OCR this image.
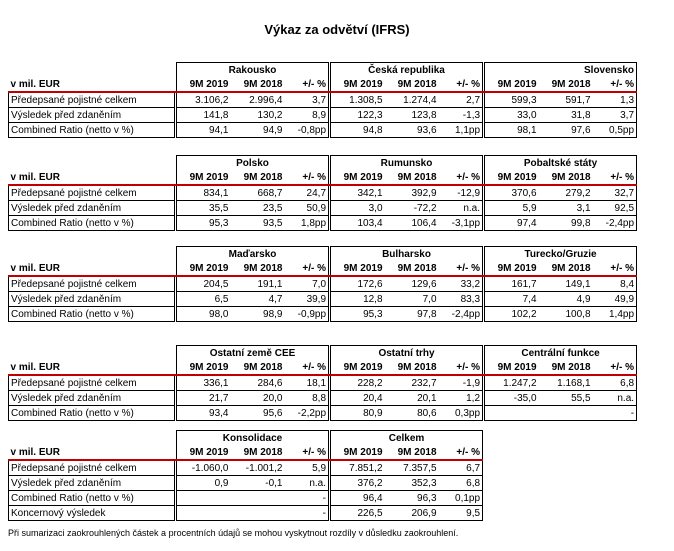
Výkaz za odvětví (IFRS)
		Rakousko				Česká republika				Slovensko		
v mil. EUR		9M 2019	9M 2018	+/- %		9M 2019	9M 2018	+/- %		9M 2019	9M 2018	+/- %
Předepsané pojistné celkem		3.106,2	2.996,4	3,7		1.308,5	1.274,4	2,7		599,3	591,7	1,3
Výsledek před zdaněním		141,8	130,2	8,9		122,3	123,8	-1,3		33,0	31,8	3,7
Combined Ratio (netto v %)		94,1	94,9	-0,8pp		94,8	93,6	1,1pp		98,1	97,6	0,5pp
		Polsko				Rumunsko				Pobaltské státy		
v mil. EUR		9M 2019	9M 2018	+/- %		9M 2019	9M 2018	+/- %		9M 2019	9M 2018	+/- %
Předepsané pojistné celkem		834,1	668,7	24,7		342,1	392,9	-12,9		370,6	279,2	32,7
Výsledek před zdaněním		35,5	23,5	50,9		3,0	-72,2	n.a.		5,9	3,1	92,5
Combined Ratio (netto v %)		95,3	93,5	1,8pp		103,4	106,4	-3,1pp		97,4	99,8	-2,4pp
		Maďarsko				Bulharsko				Turecko/Gruzie		
v mil. EUR		9M 2019	9M 2018	+/- %		9M 2019	9M 2018	+/- %		9M 2019	9M 2018	+/- %
Předepsané pojistné celkem		204,5	191,1	7,0		172,6	129,6	33,2		161,7	149,1	8,4
Výsledek před zdaněním		6,5	4,7	39,9		12,8	7,0	83,3		7,4	4,9	49,9
Combined Ratio (netto v %)		98,0	98,9	-0,9pp		95,3	97,8	-2,4pp		102,2	100,8	1,4pp
		Ostatní země CEE				Ostatní trhy				Centrální funkce		
v mil. EUR		9M 2019	9M 2018	+/- %		9M 2019	9M 2018	+/- %		9M 2019	9M 2018	+/- %
Předepsané pojistné celkem		336,1	284,6	18,1		228,2	232,7	-1,9		1.247,2	1.168,1	6,8
Výsledek před zdaněním		21,7	20,0	8,8		20,4	20,1	1,2		-35,0	55,5	n.a.
Combined Ratio (netto v %)		93,4	95,6	-2,2pp		80,9	80,6	0,3pp				-
		Konsolidace				Celkem		
v mil. EUR		9M 2019	9M 2018	+/- %		9M 2019	9M 2018	+/- %
Předepsané pojistné celkem		-1.060,0	-1.001,2	5,9		7.851,2	7.357,5	6,7
Výsledek před zdaněním		0,9	-0,1	n.a.		376,2	352,3	6,8
Combined Ratio (netto v %)				-		96,4	96,3	0,1pp
Koncernový výsledek				-		226,5	206,9	9,5
Při sumarizaci zaokrouhlených částek a procentních údajů se mohou vyskytnout rozdíly v důsledku zaokrouhlení.
